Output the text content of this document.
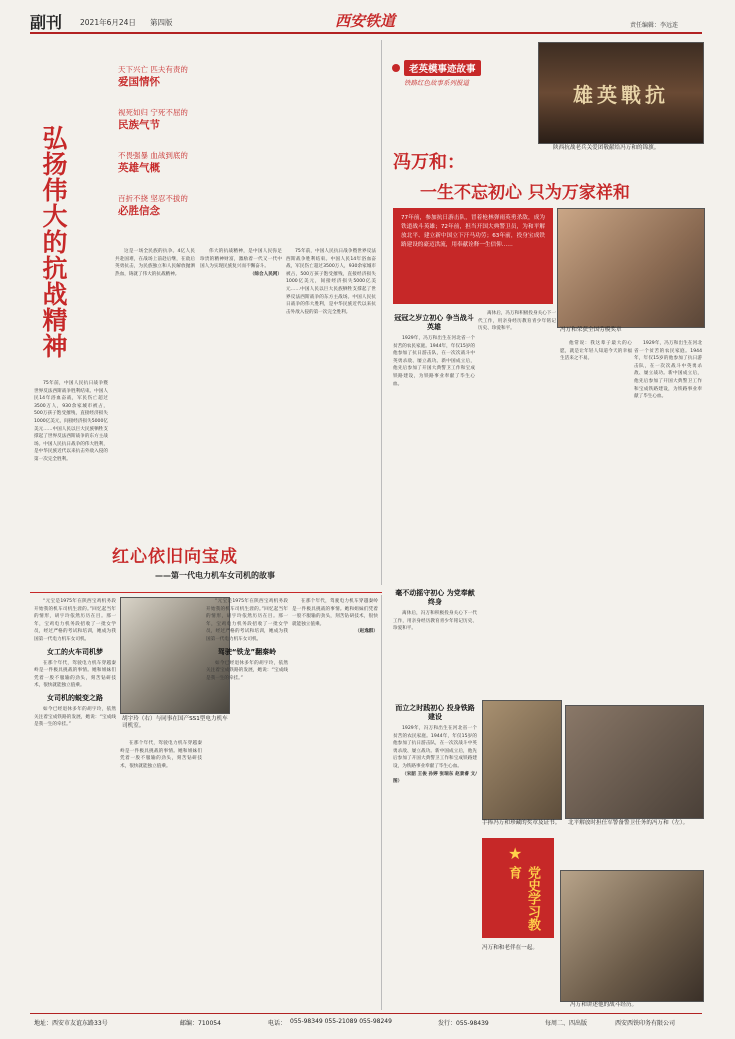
副刊 2021年6月24日 第四版	西安铁道	责任编辑：李远连
弘扬伟大的抗战精神
天下兴亡 匹夫有责的
爱国情怀
视死如归 宁死不屈的
民族气节
不畏强暴 血战到底的
英雄气概
百折不挠 坚忍不拔的
必胜信念

75年前，中国人民抗日战争暨世界反法西斯战争胜利结束。中国人民14年浴血奋战，军民伤亡超过3500万人，930余家城市被占，500万孩子饱受摧残，直接经济损失1000亿美元，间接经济损失5000亿美元……中国人民以巨大民族牺牲支撑起了世界反法西斯战争的东方主战场。中国人民抗日战争的伟大胜利，是中华民族近代以来抗击外敌入侵的第一次完全胜利。

这是一场全民族的抗争。4亿人民共赴国难，在战场上前赴后继，在敌后英勇抗击，为民族独立和人民解放抛洒热血，铸就了伟大的抗战精神。

伟大的抗战精神，是中国人民弥足珍贵的精神财富，激励着一代又一代中国人为实现民族复兴而不懈奋斗。

（综合人民网）

75年前，中国人民抗日战争暨世界反法西斯战争胜利结束。中国人民14年浴血奋战，军民伤亡超过3500万人，930余家城市被占，500万孩子饱受摧残，直接经济损失1000亿美元，间接经济损失5000亿美元……中国人民以巨大民族牺牲支撑起了世界反法西斯战争的东方主战场。中国人民抗日战争的伟大胜利，是中华民族近代以来抗击外敌入侵的第一次完全胜利。

老英模事迹故事
铁路红色故事系列报道	雄英戰抗
陕西抗战老兵关爱团敬献给冯万和的锦旗。
冯万和：
一生不忘初心 只为万家祥和
77年前，参加抗日游击队，冒着枪林弹雨英勇杀敌，成为铁道战斗英雄；72年前，担当开国大典警卫员，为和平解放北平、建立新中国立下汗马功劳；63年前，投身宝成铁路建设的豪迈洪流，用奉献诠释一生信仰……
冯万和荣获全国劳模奖章
冠冠之岁立初心 争当战斗英雄

1929年，冯万和出生在河北省一个贫苦的农民家庭。1944年，年仅15岁的他参加了抗日游击队，在一次次战斗中英勇杀敌、屡立战功。新中国成立后，他先后参加了开国大典警卫工作和宝成铁路建设，为铁路事业奉献了毕生心血。

离休后，冯万和积极投身关心下一代工作，用亲身经历教育青少年铭记历史、珍爱和平。

他常说：我这辈子最大的心愿，就是让年轻人知道今天的幸福生活来之不易。

1929年，冯万和出生在河北省一个贫苦的农民家庭。1944年，年仅15岁的他参加了抗日游击队，在一次次战斗中英勇杀敌、屡立战功。新中国成立后，他先后参加了开国大典警卫工作和宝成铁路建设，为铁路事业奉献了毕生心血。

红心依旧向宝成
——第一代电力机车女司机的故事

“元宝是1975年在陕西宝鸡机务段开始我的机车司机生涯的。”回忆起当年的情形，胡宇玲依然历历在目。那一年，宝鸡电力机务段招收了一批女学员，经过严格的考试和培训，她成为我国第一代电力机车女司机。

女工的火车司机梦

在那个年代，驾驶电力机车穿越秦岭是一件极具挑战的事情。她和姐妹们凭着一股不服输的劲头，刻苦钻研技术，很快就能独立值乘。

女司机的蜕变之路

如今已经退休多年的胡宇玲，依然关注着宝成铁路的发展，她说：“宝成线是我一生的牵挂。”

胡宇玲（右）与同事在国产SS1型电力机车司机室。

在那个年代，驾驶电力机车穿越秦岭是一件极具挑战的事情。她和姐妹们凭着一股不服输的劲头，刻苦钻研技术，很快就能独立值乘。

“元宝是1975年在陕西宝鸡机务段开始我的机车司机生涯的。”回忆起当年的情形，胡宇玲依然历历在目。那一年，宝鸡电力机务段招收了一批女学员，经过严格的考试和培训，她成为我国第一代电力机车女司机。

驾驶“铁龙”翻秦岭

如今已经退休多年的胡宇玲，依然关注着宝成铁路的发展，她说：“宝成线是我一生的牵挂。”

在那个年代，驾驶电力机车穿越秦岭是一件极具挑战的事情。她和姐妹们凭着一股不服输的劲头，刻苦钻研技术，很快就能独立值乘。

（赵逸群）

毫不动摇守初心 为党奉献终身

离休后，冯万和积极投身关心下一代工作，用亲身经历教育青少年铭记历史、珍爱和平。

而立之时践初心 投身铁路建设

1929年，冯万和出生在河北省一个贫苦的农民家庭。1944年，年仅15岁的他参加了抗日游击队，在一次次战斗中英勇杀敌、屡立战功。新中国成立后，他先后参加了开国大典警卫工作和宝成铁路建设，为铁路事业奉献了毕生心血。

（宋韶 王俊 孙婷 张瑞东 赵景睿 文/图）

手捧冯万和珍藏的奖章及证书。 北平解放时担任军警备警卫任务的冯万和（左）。
★
党史学习教育
冯万和和老伴在一起。
冯万和讲述他的战斗经历。
地址：西安市友谊东路33号	邮编：710054	电话： 055-98349 055-21089 055-98249	发行：055-98439	每周二、四出版	西安西铁印务有限公司
